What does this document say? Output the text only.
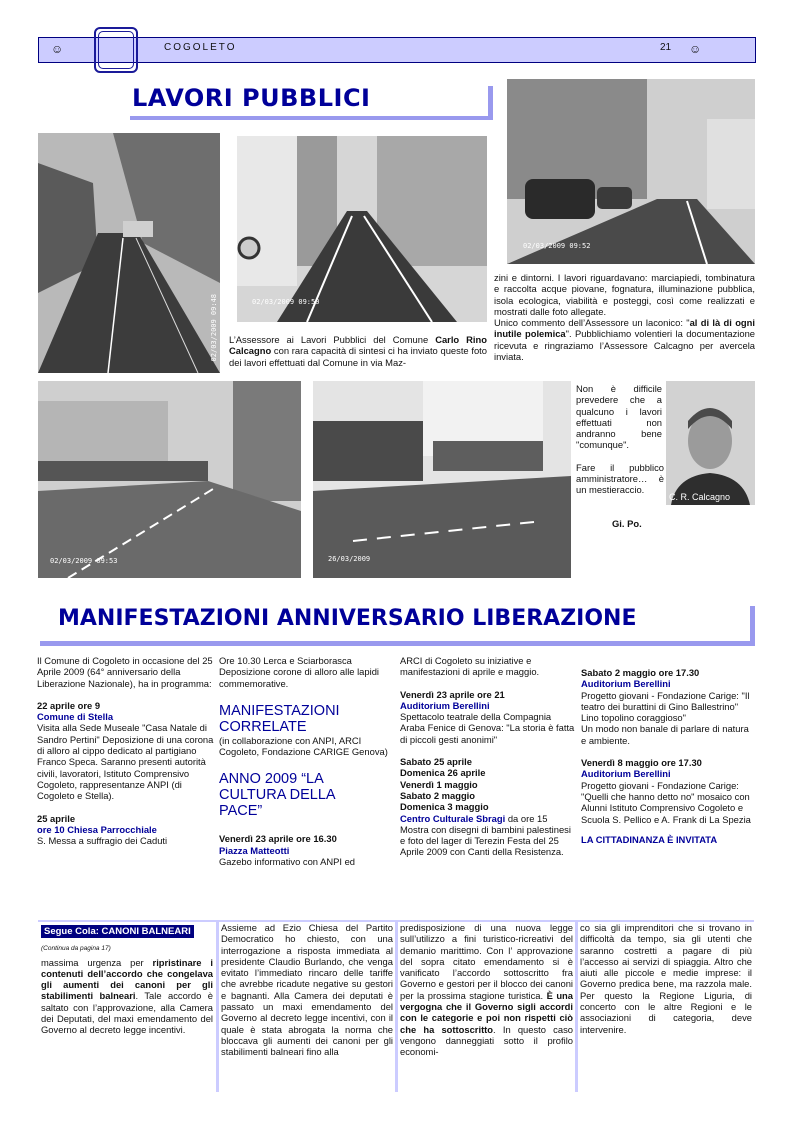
☺	☺
COGOLETO	21
LAVORI PUBBLICI
02/03/2009 09:48	02/03/2009 09:50
02/03/2009 09:52
02/03/2009 09:53	26/03/2009
C. R. Calcagno
L’Assessore ai Lavori Pubblici del Comune Carlo Rino Calcagno con rara capacità di sintesi ci ha inviato queste foto dei lavori effettuati dal Comune in via Maz-
zini e dintorni. I lavori riguardavano: marciapiedi, tombinatura e raccolta acque piovane, fognatura, illuminazione pubblica, isola ecologica, viabilità e posteggi, così come realizzati e mostrati dalle foto allegate.
Unico commento dell’Assessore un laconico: "al di là di ogni inutile polemica". Pubblichiamo volentieri la documentazione ricevuta e ringraziamo l’Assessore Calcagno per avercela inviata.
Non è difficile prevedere che a qualcuno i lavori effettuati non andranno bene "comunque".
Fare il pubblico amministratore… è un mestieraccio.
Gi. Po.
MANIFESTAZIONI ANNIVERSARIO LIBERAZIONE
Il Comune di Cogoleto in occasione del 25 Aprile 2009 (64° anniversario della Liberazione Nazionale), ha in programma:
22 aprile ore 9
Comune di Stella
Visita alla Sede Museale "Casa Natale di Sandro Pertini" Deposizione di una corona di alloro al cippo dedicato al partigiano Franco Speca. Saranno presenti autorità civili, lavoratori, Istituto Comprensivo Cogoleto, rappresentanze ANPI (di Cogoleto e Stella).
25 aprile
ore 10 Chiesa Parrocchiale
S. Messa a suffragio dei Caduti
Ore 10.30 Lerca e Sciarborasca Deposizione corone di alloro alle lapidi commemorative.
MANIFESTAZIONI CORRELATE
(in collaborazione con ANPI, ARCI Cogoleto, Fondazione CARIGE Genova)
ANNO 2009 “LA CULTURA DELLA PACE”
Venerdì 23 aprile ore 16.30
Piazza Matteotti
Gazebo informativo con ANPI ed
ARCI di Cogoleto su iniziative e manifestazioni di aprile e maggio.
Venerdì 23 aprile ore 21
Auditorium Berellini
Spettacolo teatrale della Compagnia Araba Fenice di Genova: "La storia è fatta di piccoli gesti anonimi"
Sabato 25 aprile
Domenica 26 aprile
Venerdì 1 maggio
Sabato 2 maggio
Domenica 3 maggio
Centro Culturale Sbragi da ore 15
Mostra con disegni di bambini palestinesi e foto del lager di Terezin Festa del 25 Aprile 2009 con Canti della Resistenza.
Sabato 2 maggio ore 17.30
Auditorium Berellini
Progetto giovani - Fondazione Carige: "Il teatro dei burattini di Gino Ballestrino" Lino topolino coraggioso"
Un modo non banale di parlare di natura e ambiente.
Venerdì 8 maggio ore 17.30
Auditorium Berellini
Progetto giovani - Fondazione Carige: "Quelli che hanno detto no" mosaico con Alunni Istituto Comprensivo Cogoleto e Scuola S. Pellico e A. Frank di La Spezia
LA CITTADINANZA È INVITATA
Segue Cola: CANONI BALNEARI
(Continua da pagina 17)
massima urgenza per ripristinare i contenuti dell’accordo che congelava gli aumenti dei canoni per gli stabilimenti balneari. Tale accordo è saltato con l’approvazione, alla Camera dei Deputati, del maxi emendamento del Governo al decreto legge incentivi.
Assieme ad Ezio Chiesa del Partito Democratico ho chiesto, con una interrogazione a risposta immediata al presidente Claudio Burlando, che venga evitato l’immediato rincaro delle tariffe che avrebbe ricadute negative su gestori e bagnanti. Alla Camera dei deputati è passato un maxi emendamento del Governo al decreto legge incentivi, con il quale è stata abrogata la norma che bloccava gli aumenti dei canoni per gli stabilimenti balneari fino alla
predisposizione di una nuova legge sull’utilizzo a fini turistico-ricreativi del demanio marittimo. Con l’ approvazione del sopra citato emendamento si è vanificato l’accordo sottoscritto fra Governo e gestori per il blocco dei canoni per la prossima stagione turistica. È una vergogna che il Governo sigli accordi con le categorie e poi non rispetti ciò che ha sottoscritto. In questo caso vengono danneggiati sotto il profilo economi-
co sia gli imprenditori che si trovano in difficoltà da tempo, sia gli utenti che saranno costretti a pagare di più l’accesso ai servizi di spiaggia. Altro che aiuti alle piccole e medie imprese: il Governo predica bene, ma razzola male. Per questo la Regione Liguria, di concerto con le altre Regioni e le associazioni di categoria, deve intervenire.
